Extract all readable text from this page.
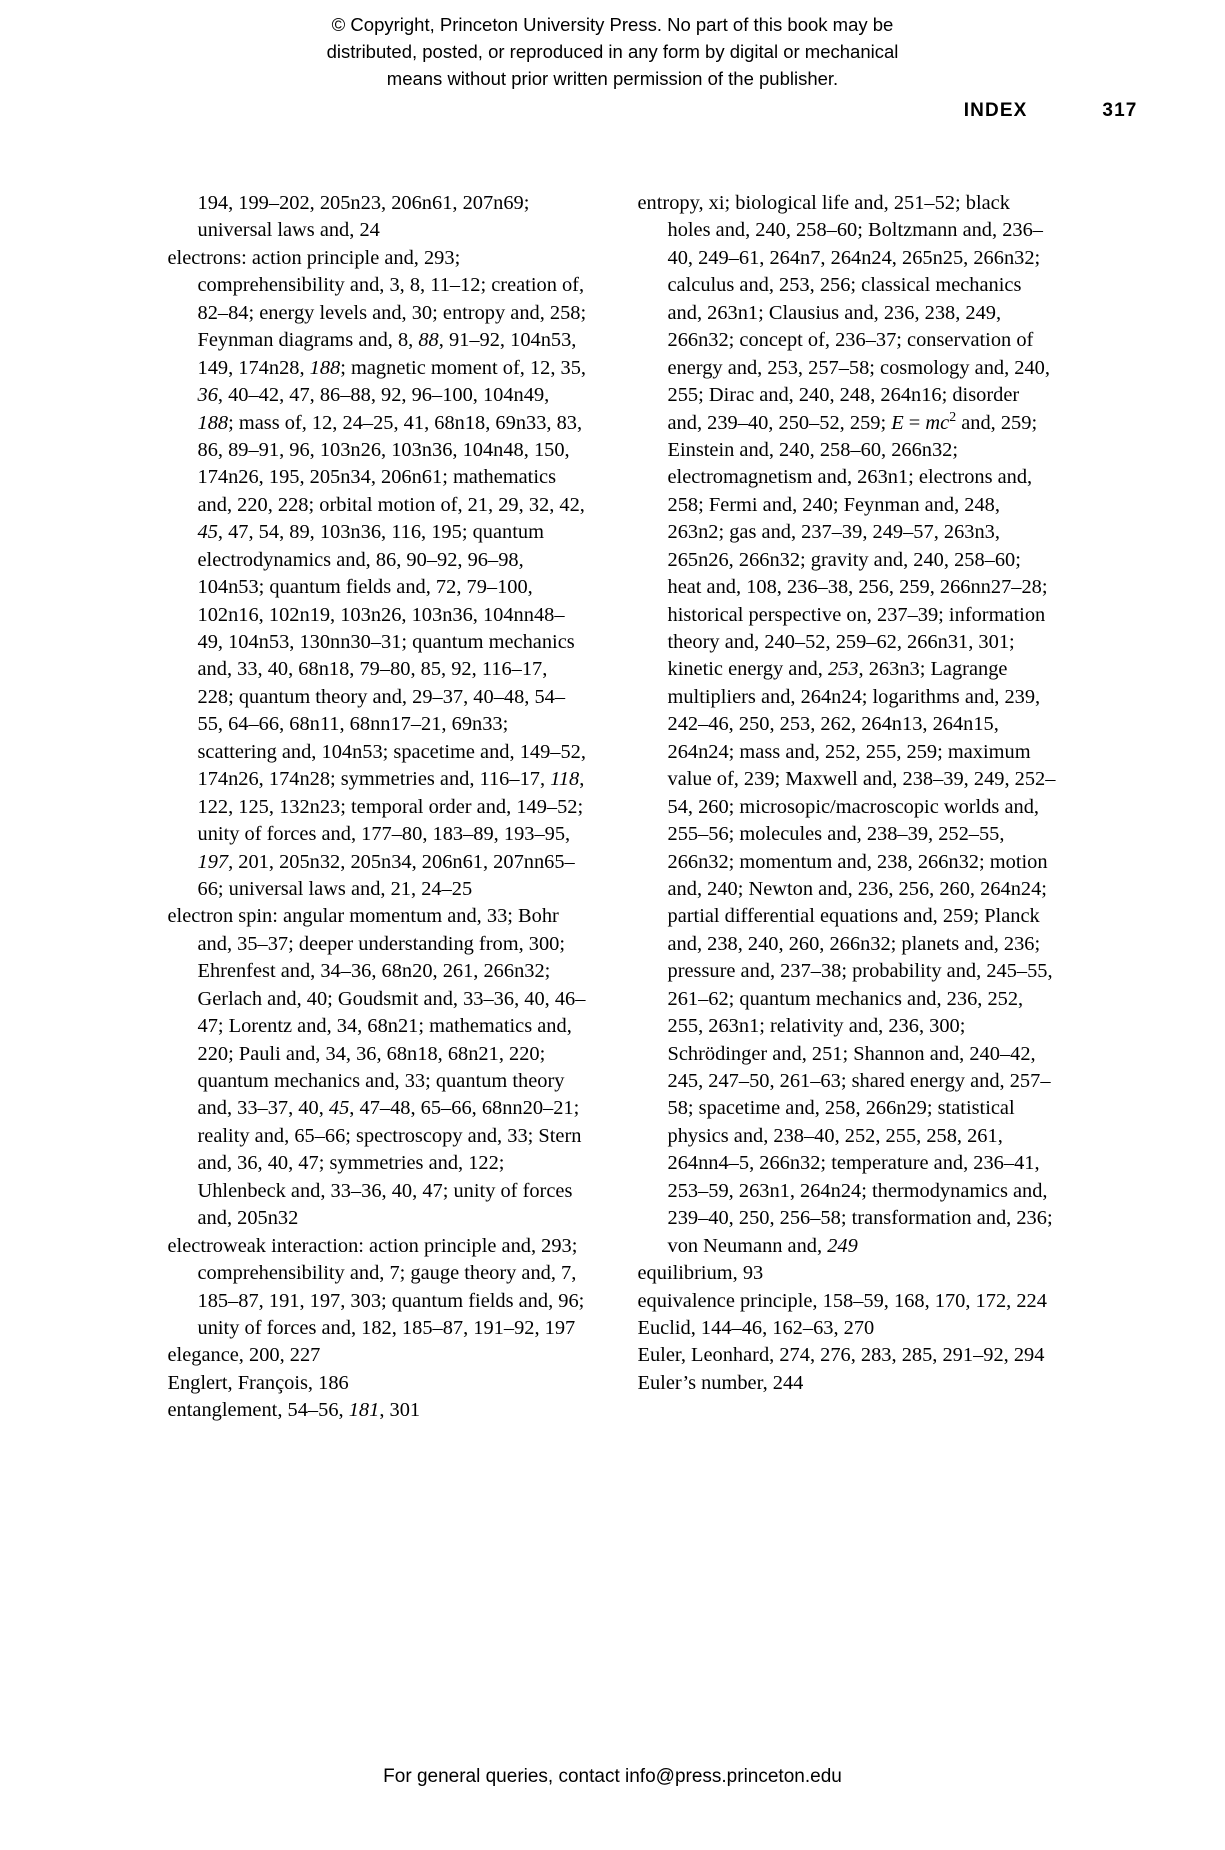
© Copyright, Princeton University Press. No part of this book may be
distributed, posted, or reproduced in any form by digital or mechanical
means without prior written permission of the publisher.
INDEX	317

194, 199–202, 205n23, 206n61, 207n69; universal laws and, 24

electrons: action principle and, 293; comprehensibility and, 3, 8, 11–12; creation of, 82–84; energy levels and, 30; entropy and, 258; Feynman diagrams and, 8, 88, 91–92, 104n53, 149, 174n28, 188; magnetic moment of, 12, 35, 36, 40–42, 47, 86–88, 92, 96–100, 104n49, 188; mass of, 12, 24–25, 41, 68n18, 69n33, 83, 86, 89–91, 96, 103n26, 103n36, 104n48, 150, 174n26, 195, 205n34, 206n61; mathematics and, 220, 228; orbital motion of, 21, 29, 32, 42, 45, 47, 54, 89, 103n36, 116, 195; quantum electrodynamics and, 86, 90–92, 96–98, 104n53; quantum fields and, 72, 79–100, 102n16, 102n19, 103n26, 103n36, 104nn48–49, 104n53, 130nn30–31; quantum mechanics and, 33, 40, 68n18, 79–80, 85, 92, 116–17, 228; quantum theory and, 29–37, 40–48, 54–55, 64–66, 68n11, 68nn17–21, 69n33; scattering and, 104n53; spacetime and, 149–52, 174n26, 174n28; symmetries and, 116–17, 118, 122, 125, 132n23; temporal order and, 149–52; unity of forces and, 177–80, 183–89, 193–95, 197, 201, 205n32, 205n34, 206n61, 207nn65–66; universal laws and, 21, 24–25

electron spin: angular momentum and, 33; Bohr and, 35–37; deeper understanding from, 300; Ehrenfest and, 34–36, 68n20, 261, 266n32; Gerlach and, 40; Goudsmit and, 33–36, 40, 46–47; Lorentz and, 34, 68n21; mathematics and, 220; Pauli and, 34, 36, 68n18, 68n21, 220; quantum mechanics and, 33; quantum theory and, 33–37, 40, 45, 47–48, 65–66, 68nn20–21; reality and, 65–66; spectroscopy and, 33; Stern and, 36, 40, 47; symmetries and, 122; Uhlenbeck and, 33–36, 40, 47; unity of forces and, 205n32

electroweak interaction: action principle and, 293; comprehensibility and, 7; gauge theory and, 7, 185–87, 191, 197, 303; quantum fields and, 96; unity of forces and, 182, 185–87, 191–92, 197

elegance, 200, 227

Englert, François, 186

entanglement, 54–56, 181, 301

entropy, xi; biological life and, 251–52; black holes and, 240, 258–60; Boltzmann and, 236–40, 249–61, 264n7, 264n24, 265n25, 266n32; calculus and, 253, 256; classical mechanics and, 263n1; Clausius and, 236, 238, 249, 266n32; concept of, 236–37; conservation of energy and, 253, 257–58; cosmology and, 240, 255; Dirac and, 240, 248, 264n16; disorder and, 239–40, 250–52, 259; $E = mc^2$ and, 259; Einstein and, 240, 258–60, 266n32; electromagnetism and, 263n1; electrons and, 258; Fermi and, 240; Feynman and, 248, 263n2; gas and, 237–39, 249–57, 263n3, 265n26, 266n32; gravity and, 240, 258–60; heat and, 108, 236–38, 256, 259, 266nn27–28; historical perspective on, 237–39; information theory and, 240–52, 259–62, 266n31, 301; kinetic energy and, 253, 263n3; Lagrange multipliers and, 264n24; logarithms and, 239, 242–46, 250, 253, 262, 264n13, 264n15, 264n24; mass and, 252, 255, 259; maximum value of, 239; Maxwell and, 238–39, 249, 252–54, 260; microsopic/macroscopic worlds and, 255–56; molecules and, 238–39, 252–55, 266n32; momentum and, 238, 266n32; motion and, 240; Newton and, 236, 256, 260, 264n24; partial differential equations and, 259; Planck and, 238, 240, 260, 266n32; planets and, 236; pressure and, 237–38; probability and, 245–55, 261–62; quantum mechanics and, 236, 252, 255, 263n1; relativity and, 236, 300; Schrödinger and, 251; Shannon and, 240–42, 245, 247–50, 261–63; shared energy and, 257–58; spacetime and, 258, 266n29; statistical physics and, 238–40, 252, 255, 258, 261, 264nn4–5, 266n32; temperature and, 236–41, 253–59, 263n1, 264n24; thermodynamics and, 239–40, 250, 256–58; transformation and, 236; von Neumann and, 249

equilibrium, 93

equivalence principle, 158–59, 168, 170, 172, 224

Euclid, 144–46, 162–63, 270

Euler, Leonhard, 274, 276, 283, 285, 291–92, 294

Euler’s number, 244

For general queries, contact info@press.princeton.edu
